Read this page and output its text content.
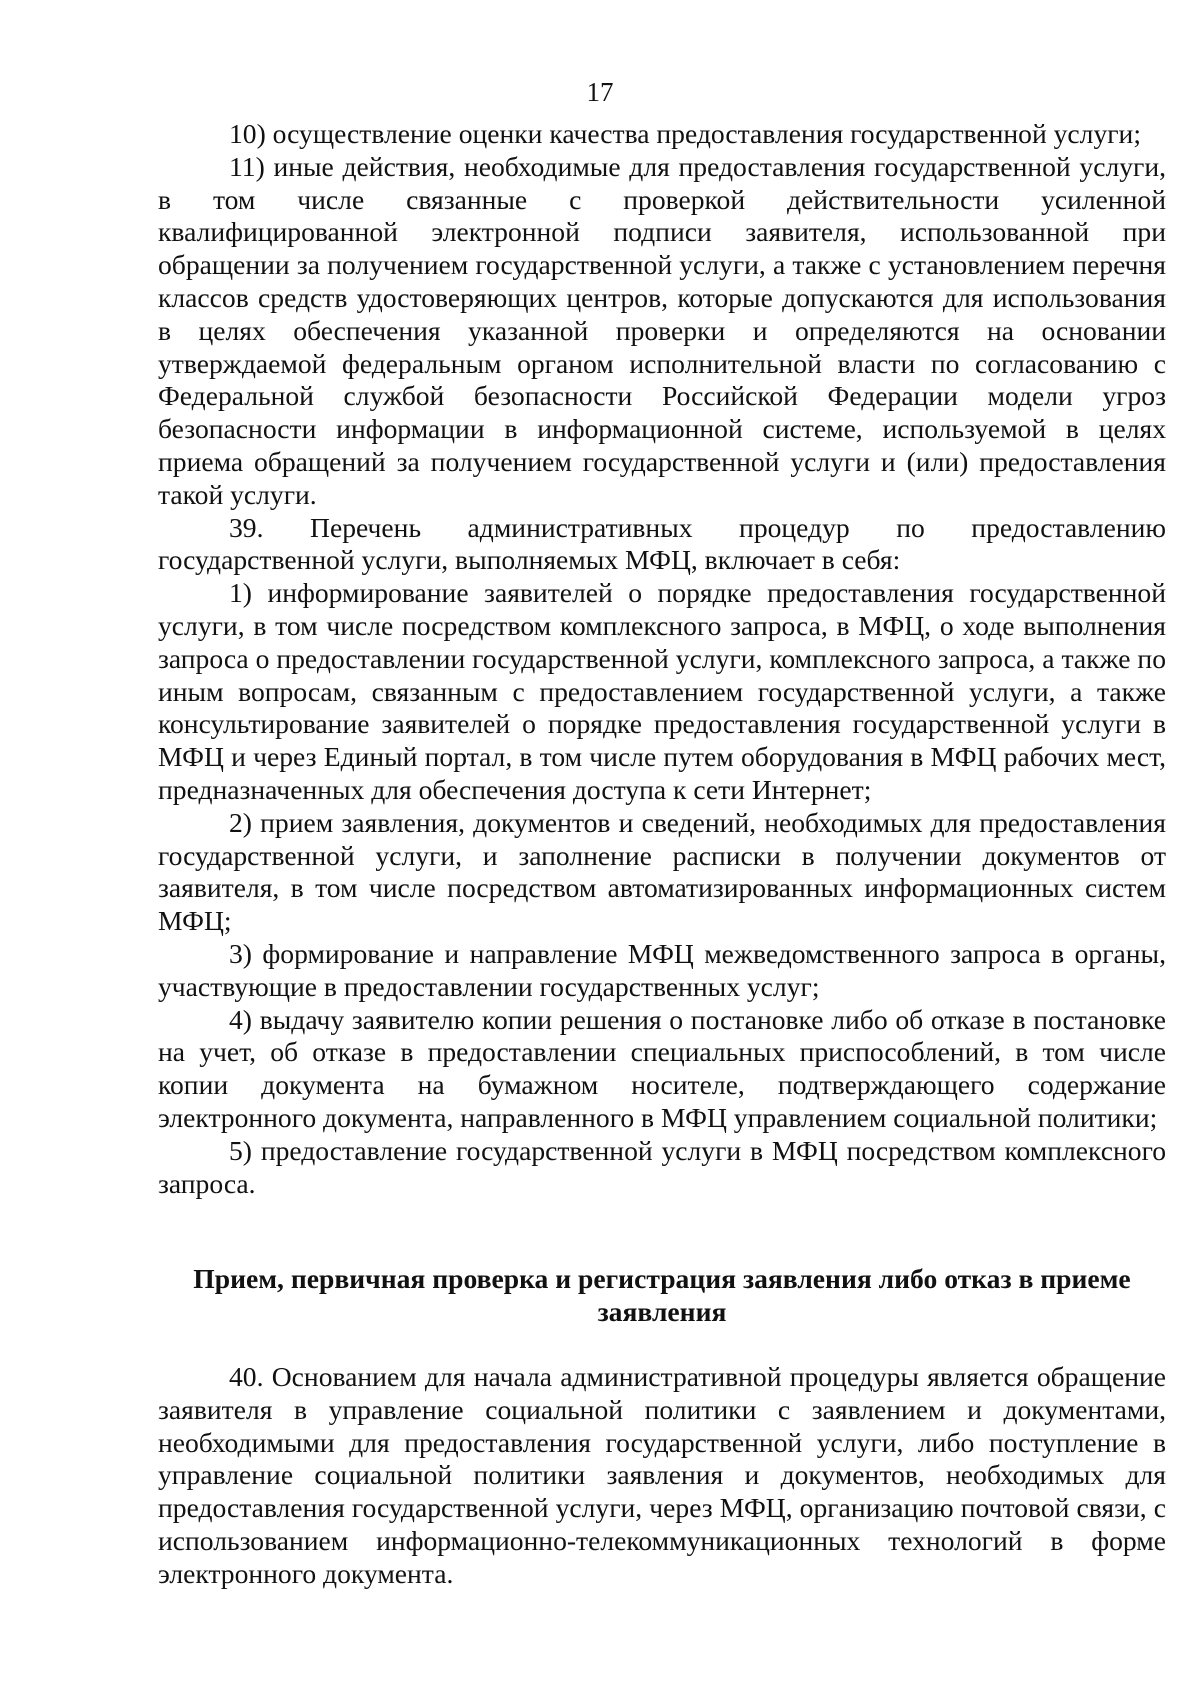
17

10) осуществление оценки качества предоставления государственной услуги;

11) иные действия, необходимые для предоставления государственной услуги, в том числе связанные с проверкой действительности усиленной квалифицированной электронной подписи заявителя, использованной при обращении за получением государственной услуги, а также с установлением перечня классов средств удостоверяющих центров, которые допускаются для использования в целях обеспечения указанной проверки и определяются на основании утверждаемой федеральным органом исполнительной власти по согласованию с Федеральной службой безопасности Российской Федерации модели угроз безопасности информации в информационной системе, используемой в целях приема обращений за получением государственной услуги и (или) предоставления такой услуги.

39. Перечень административных процедур по предоставлению государственной услуги, выполняемых МФЦ, включает в себя:

1) информирование заявителей о порядке предоставления государственной услуги, в том числе посредством комплексного запроса, в МФЦ, о ходе выполнения запроса о предоставлении государственной услуги, комплексного запроса, а также по иным вопросам, связанным с предоставлением государственной услуги, а также консультирование заявителей о порядке предоставления государственной услуги в МФЦ и через Единый портал, в том числе путем оборудования в МФЦ рабочих мест, предназначенных для обеспечения доступа к сети Интернет;

2) прием заявления, документов и сведений, необходимых для предоставления государственной услуги, и заполнение расписки в получении документов от заявителя, в том числе посредством автоматизированных информационных систем МФЦ;

3) формирование и направление МФЦ межведомственного запроса в органы, участвующие в предоставлении государственных услуг;

4) выдачу заявителю копии решения о постановке либо об отказе в постановке на учет, об отказе в предоставлении специальных приспособлений, в том числе копии документа на бумажном носителе, подтверждающего содержание электронного документа, направленного в МФЦ управлением социальной политики;

5) предоставление государственной услуги в МФЦ посредством комплексного запроса.

Прием, первичная проверка и регистрация заявления либо отказ в приеме заявления

40. Основанием для начала административной процедуры является обращение заявителя в управление социальной политики с заявлением и документами, необходимыми для предоставления государственной услуги, либо поступление в управление социальной политики заявления и документов, необходимых для предоставления государственной услуги, через МФЦ, организацию почтовой связи, с использованием информационно-телекоммуникационных технологий в форме электронного документа.
